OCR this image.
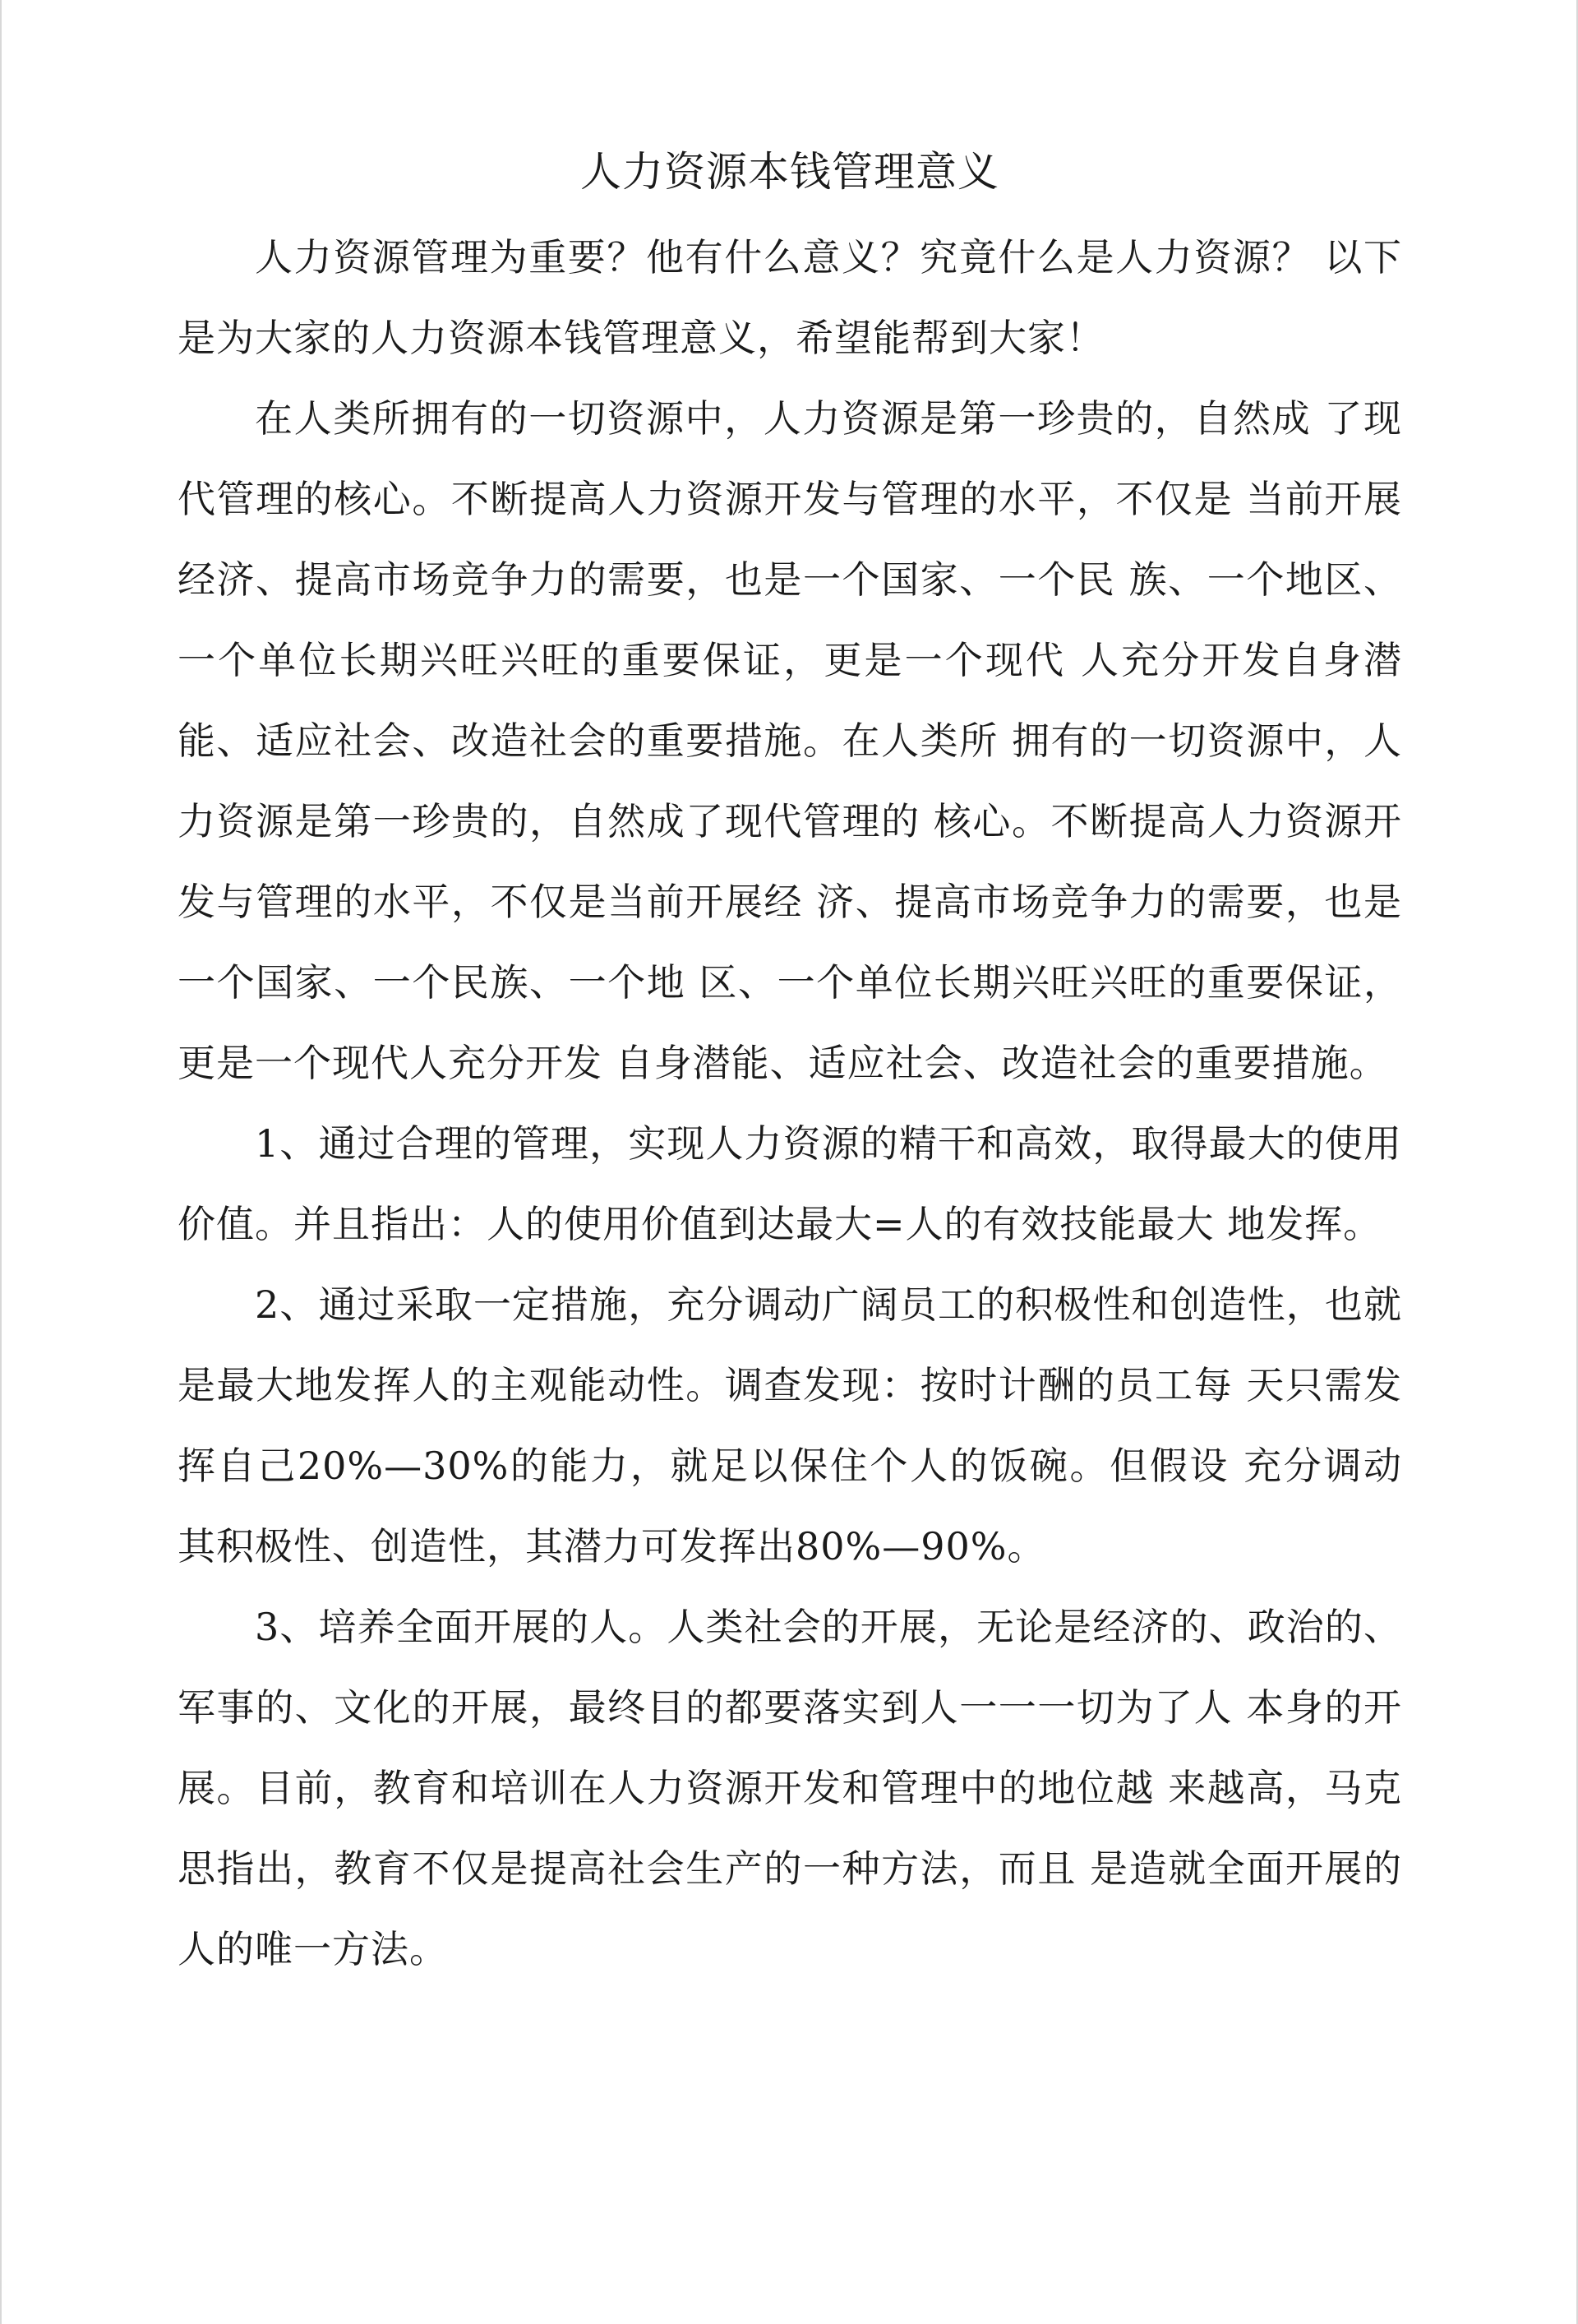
人力资源本钱管理意义

人力资源管理为重要？他有什么意义？究竟什么是人力资源？ 以下是为大家的人力资源本钱管理意义，希望能帮到大家！

在人类所拥有的一切资源中，人力资源是第一珍贵的，自然成 了现代管理的核心。不断提高人力资源开发与管理的水平，不仅是 当前开展经济、提高市场竞争力的需要，也是一个国家、一个民 族、一个地区、一个单位长期兴旺兴旺的重要保证，更是一个现代 人充分开发自身潜能、适应社会、改造社会的重要措施。在人类所 拥有的一切资源中，人力资源是第一珍贵的，自然成了现代管理的 核心。不断提高人力资源开发与管理的水平，不仅是当前开展经 济、提高市场竞争力的需要，也是一个国家、一个民族、一个地 区、一个单位长期兴旺兴旺的重要保证，更是一个现代人充分开发 自身潜能、适应社会、改造社会的重要措施。

1、通过合理的管理，实现人力资源的精干和高效，取得最大的使用价值。并且指出：人的使用价值到达最大=人的有效技能最大 地发挥。

2、通过采取一定措施，充分调动广阔员工的积极性和创造性，也就是最大地发挥人的主观能动性。调查发现：按时计酬的员工每 天只需发挥自己20%—30%的能力，就足以保住个人的饭碗。但假设 充分调动其积极性、创造性，其潜力可发挥出80%—90%。

3、培养全面开展的人。人类社会的开展，无论是经济的、政治的、军事的、文化的开展，最终目的都要落实到人一一一切为了人 本身的开展。目前，教育和培训在人力资源开发和管理中的地位越 来越高，马克思指出，教育不仅是提高社会生产的一种方法，而且 是造就全面开展的人的唯一方法。
